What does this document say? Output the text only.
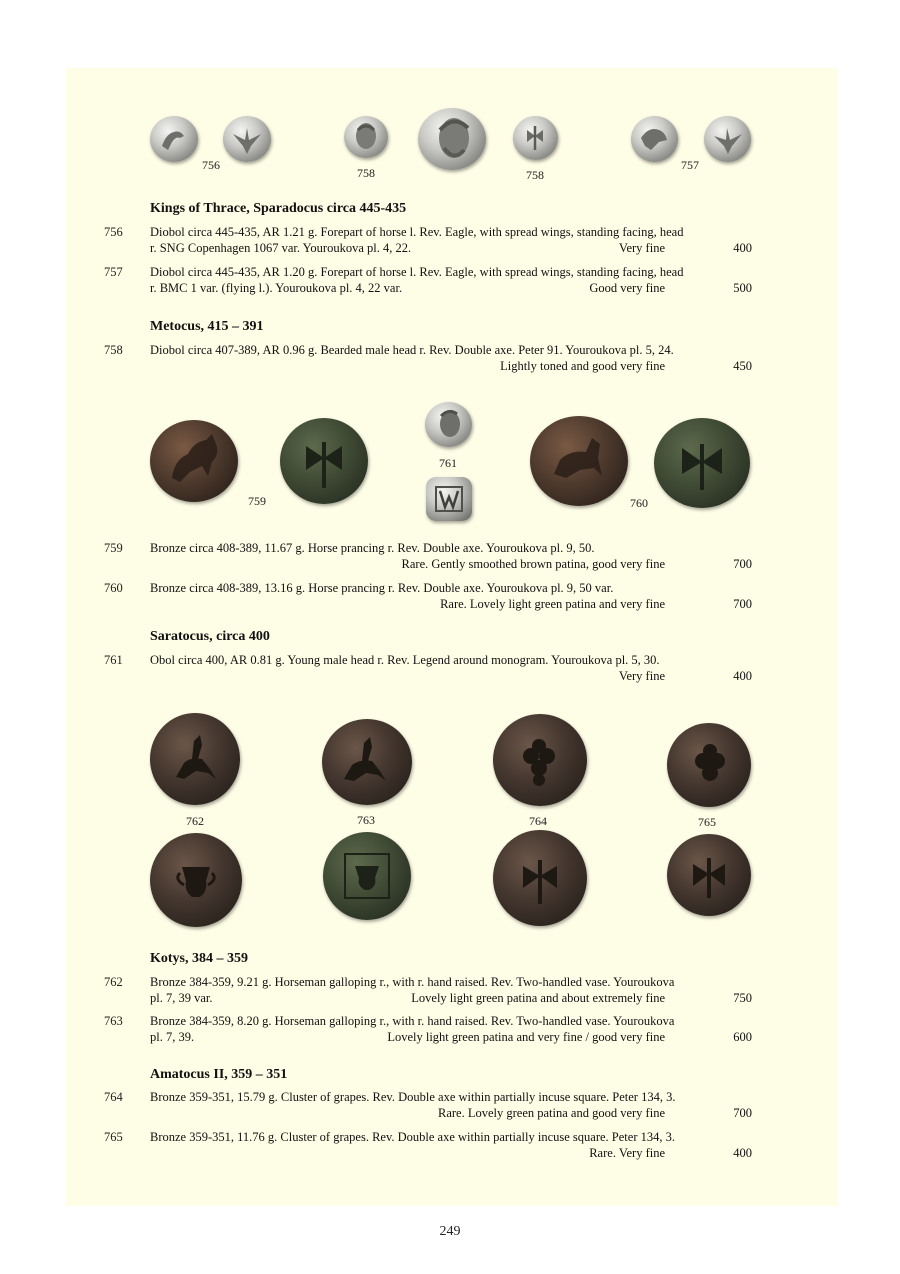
756
758	758
757
Kings of Thrace, Sparadocus circa 445-435
756 Diobol circa 445-435, AR 1.21 g. Forepart of horse l. Rev. Eagle, with spread wings, standing facing, head
r. SNG Copenhagen 1067 var. Youroukova pl. 4, 22.	Very fine	400
757 Diobol circa 445-435, AR 1.20 g. Forepart of horse l. Rev. Eagle, with spread wings, standing facing, head
r. BMC 1 var. (flying l.). Youroukova pl. 4, 22 var.	Good very fine	500
Metocus, 415 – 391
758 Diobol circa 407-389, AR 0.96 g. Bearded male head r. Rev. Double axe. Peter 91. Youroukova pl. 5, 24.
Lightly toned and good very fine	450
759
761
760
759 Bronze circa 408-389, 11.67 g. Horse prancing r. Rev. Double axe. Youroukova pl. 9, 50.
Rare. Gently smoothed brown patina, good very fine	700
760 Bronze circa 408-389, 13.16 g. Horse prancing r. Rev. Double axe. Youroukova pl. 9, 50 var.
Rare. Lovely light green patina and very fine	700
Saratocus, circa 400
761 Obol circa 400, AR 0.81 g. Young male head r. Rev. Legend around monogram. Youroukova pl. 5, 30.
Very fine	400
762	763	764	765
Kotys, 384 – 359
762 Bronze 384-359, 9.21 g. Horseman galloping r., with r. hand raised. Rev. Two-handled vase. Youroukova
pl. 7, 39 var.	Lovely light green patina and about extremely fine	750
763 Bronze 384-359, 8.20 g. Horseman galloping r., with r. hand raised. Rev. Two-handled vase. Youroukova
pl. 7, 39.	Lovely light green patina and very fine / good very fine	600
Amatocus II, 359 – 351
764 Bronze 359-351, 15.79 g. Cluster of grapes. Rev. Double axe within partially incuse square. Peter 134, 3.
Rare. Lovely green patina and good very fine	700
765 Bronze 359-351, 11.76 g. Cluster of grapes. Rev. Double axe within partially incuse square. Peter 134, 3.
Rare. Very fine	400
249
